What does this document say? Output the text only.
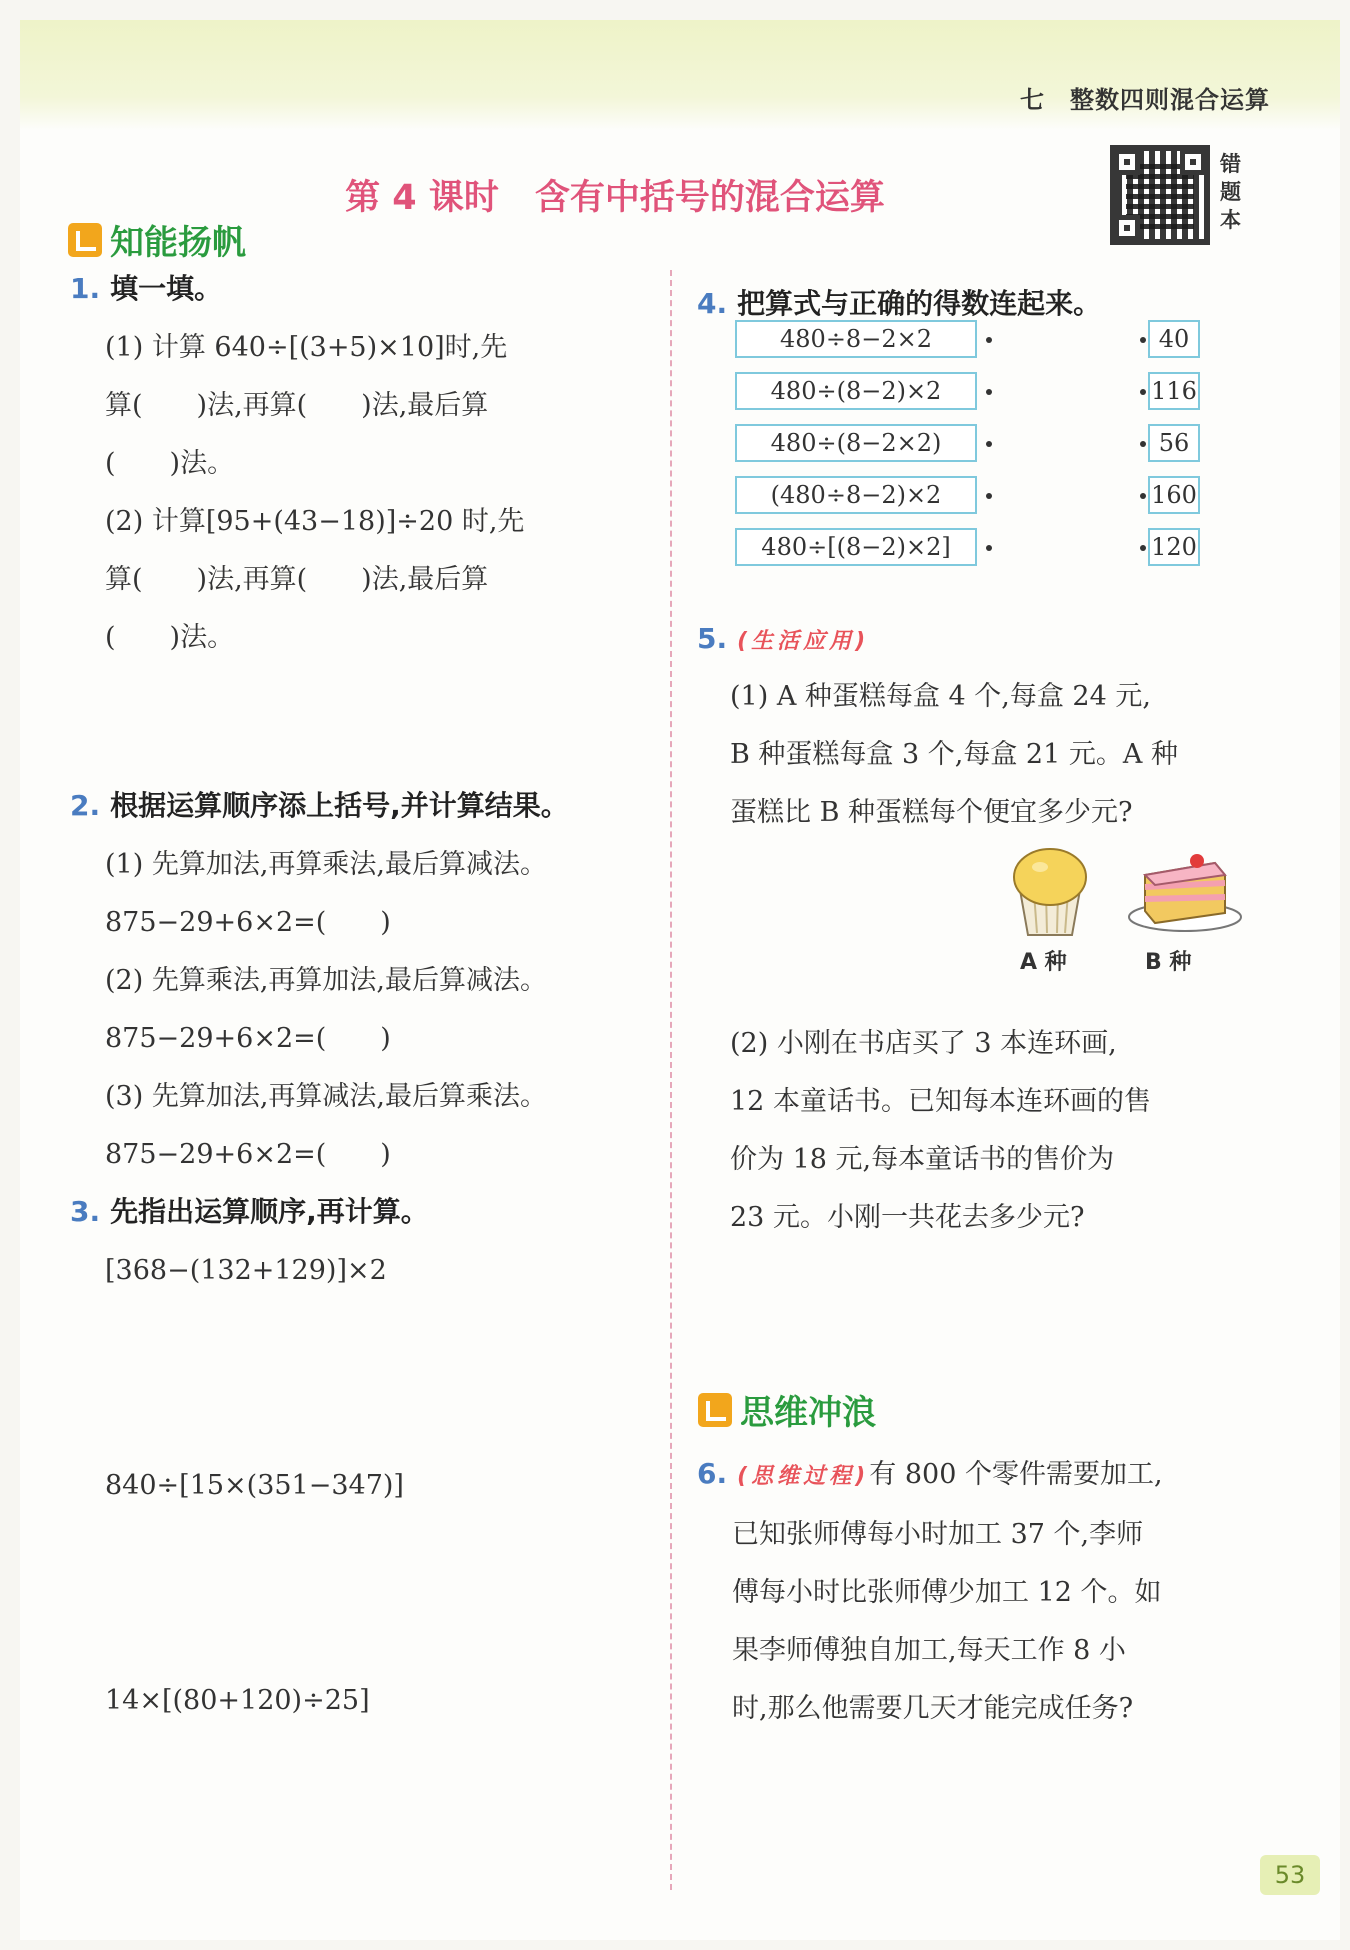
七　整数四则混合运算
第 4 课时 含有中括号的混合运算
错题本
知能扬帆
1. 填一填。
(1) 计算 640÷[(3+5)×10]时,先
算(　　)法,再算(　　)法,最后算
(　　)法。
(2) 计算[95+(43−18)]÷20 时,先
算(　　)法,再算(　　)法,最后算
(　　)法。
2. 根据运算顺序添上括号,并计算结果。
(1) 先算加法,再算乘法,最后算减法。
875−29+6×2=(　　)
(2) 先算乘法,再算加法,最后算减法。
875−29+6×2=(　　)
(3) 先算加法,再算减法,最后算乘法。
875−29+6×2=(　　)
3. 先指出运算顺序,再计算。
[368−(132+129)]×2
840÷[15×(351−347)]
14×[(80+120)÷25]
4. 把算式与正确的得数连起来。
5. (生活应用)
(1) A 种蛋糕每盒 4 个,每盒 24 元,
B 种蛋糕每盒 3 个,每盒 21 元。A 种
蛋糕比 B 种蛋糕每个便宜多少元?
A 种	B 种
(2) 小刚在书店买了 3 本连环画,
12 本童话书。已知每本连环画的售
价为 18 元,每本童话书的售价为
23 元。小刚一共花去多少元?
思维冲浪
6. (思维过程)有 800 个零件需要加工,
已知张师傅每小时加工 37 个,李师
傅每小时比张师傅少加工 12 个。如
果李师傅独自加工,每天工作 8 小
时,那么他需要几天才能完成任务?
53
480÷8−2×2	40
480÷(8−2)×2	116
480÷(8−2×2)	56
(480÷8−2)×2	160
480÷[(8−2)×2]	120
